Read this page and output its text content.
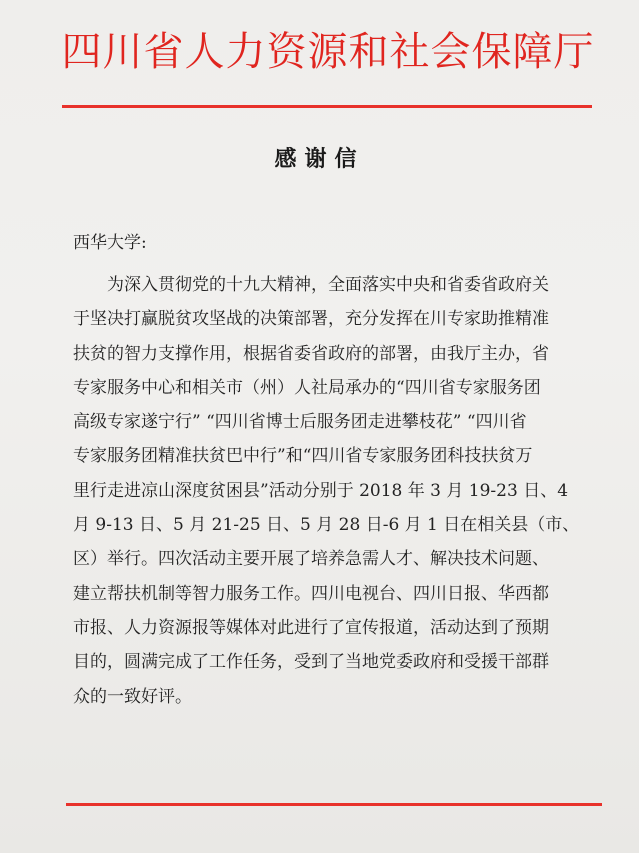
四川省人力资源和社会保障厅
感谢信
西华大学:
为深入贯彻党的十九大精神，全面落实中央和省委省政府关
于坚决打赢脱贫攻坚战的决策部署，充分发挥在川专家助推精准
扶贫的智力支撑作用，根据省委省政府的部署，由我厅主办，省
专家服务中心和相关市（州）人社局承办的“四川省专家服务团
高级专家遂宁行” “四川省博士后服务团走进攀枝花” “四川省
专家服务团精准扶贫巴中行”和“四川省专家服务团科技扶贫万
里行走进凉山深度贫困县”活动分别于 2018 年 3 月 19-23 日、4
月 9-13 日、5 月 21-25 日、5 月 28 日-6 月 1 日在相关县（市、
区）举行。四次活动主要开展了培养急需人才、解决技术问题、
建立帮扶机制等智力服务工作。四川电视台、四川日报、华西都
市报、人力资源报等媒体对此进行了宣传报道，活动达到了预期
目的，圆满完成了工作任务，受到了当地党委政府和受援干部群
众的一致好评。
